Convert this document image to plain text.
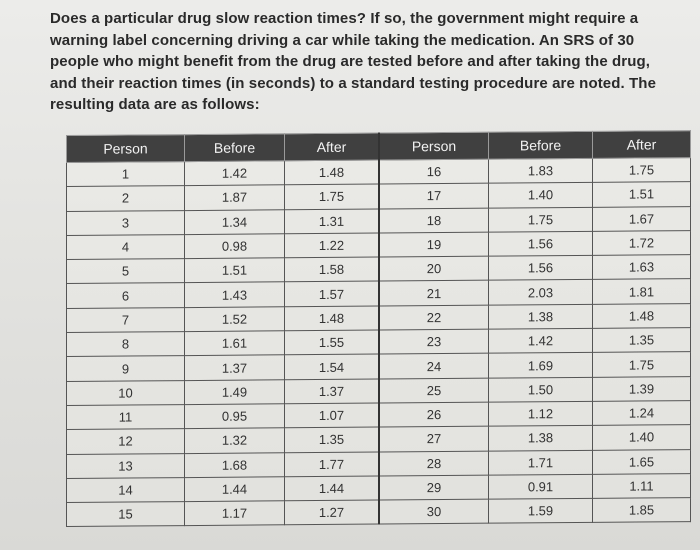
Does a particular drug slow reaction times? If so, the government might require a warning label concerning driving a car while taking the medication. An SRS of 30 people who might benefit from the drug are tested before and after taking the drug, and their reaction times (in seconds) to a standard testing procedure are noted. The resulting data are as follows:
Person	Before	After	Person	Before	After
1	1.42	1.48	16	1.83	1.75
2	1.87	1.75	17	1.40	1.51
3	1.34	1.31	18	1.75	1.67
4	0.98	1.22	19	1.56	1.72
5	1.51	1.58	20	1.56	1.63
6	1.43	1.57	21	2.03	1.81
7	1.52	1.48	22	1.38	1.48
8	1.61	1.55	23	1.42	1.35
9	1.37	1.54	24	1.69	1.75
10	1.49	1.37	25	1.50	1.39
11	0.95	1.07	26	1.12	1.24
12	1.32	1.35	27	1.38	1.40
13	1.68	1.77	28	1.71	1.65
14	1.44	1.44	29	0.91	1.11
15	1.17	1.27	30	1.59	1.85
